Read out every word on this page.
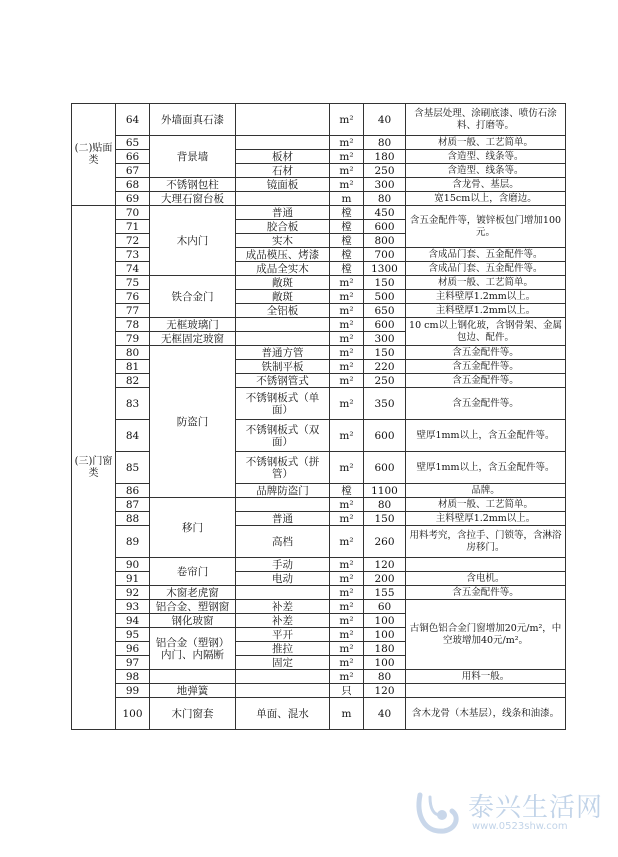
(二)贴面类	64	外墙面真石漆		m²	40	含基层处理、涂刷底漆、喷仿石涂料、打磨等。
	65	背景墙		m²	80	材质一般、工艺简单。
	66		板材	m²	180	含造型、线条等。
	67		石材	m²	250	含造型、线条等。
	68	不锈钢包柱	镜面板	m²	300	含龙骨、基层。
	69	大理石窗台板		m	80	宽15cm以上，含磨边。
(三)门窗类	70	木内门	普通	樘	450	含五金配件等，镀锌板包门增加100元。
	71		胶合板	樘	600	
	72		实木	樘	800	
	73		成品模压、烤漆	樘	700	含成品门套、五金配件等。
	74		成品全实木	樘	1300	含成品门套、五金配件等。
	75	铁合金门	敞斑	m²	150	材质一般、工艺简单。
	76		敞斑	m²	500	主料壁厚1.2mm以上。
	77		全铝板	m²	650	主料壁厚1.2mm以上。
	78	无框玻璃门		m²	600	10 cm以上钢化玻，含钢骨架、金属包边、配件。
	79	无框固定玻窗		m²	300	
	80	防盗门	普通方管	m²	150	含五金配件等。
	81		铁制平板	m²	220	含五金配件等。
	82		不锈钢管式	m²	250	含五金配件等。
	83		不锈钢板式（单面）	m²	350	含五金配件等。
	84		不锈钢板式（双面）	m²	600	壁厚1mm以上，含五金配件等。
	85		不锈钢板式（拼管）	m²	600	壁厚1mm以上，含五金配件等。
	86		品牌防盗门	樘	1100	品牌。
	87	移门		m²	80	材质一般、工艺简单。
	88		普通	m²	150	主料壁厚1.2mm以上。
	89		高档	m²	260	用料考究，含拉手、门锁等，含淋浴房移门。
	90	卷帘门	手动	m²	120	
	91		电动	m²	200	含电机。
	92	木窗老虎窗		m²	155	含五金配件等。
	93	铝合金、塑钢窗	补差	m²	60	古铜色铝合金门窗增加20元/m²，中空玻增加40元/m²。
	94	钢化玻窗	补差	m²	100	
	95	铝合金（塑钢）内门、内隔断	平开	m²	100	
	96		推拉	m²	180	
	97		固定	m²	100	
	98			m²	80	用料一般。
	99	地弹簧		只	120	
	100	木门窗套	单面、混水	m	40	含木龙骨（木基层），线条和油漆。
泰兴生活网
www.0523shw.com
